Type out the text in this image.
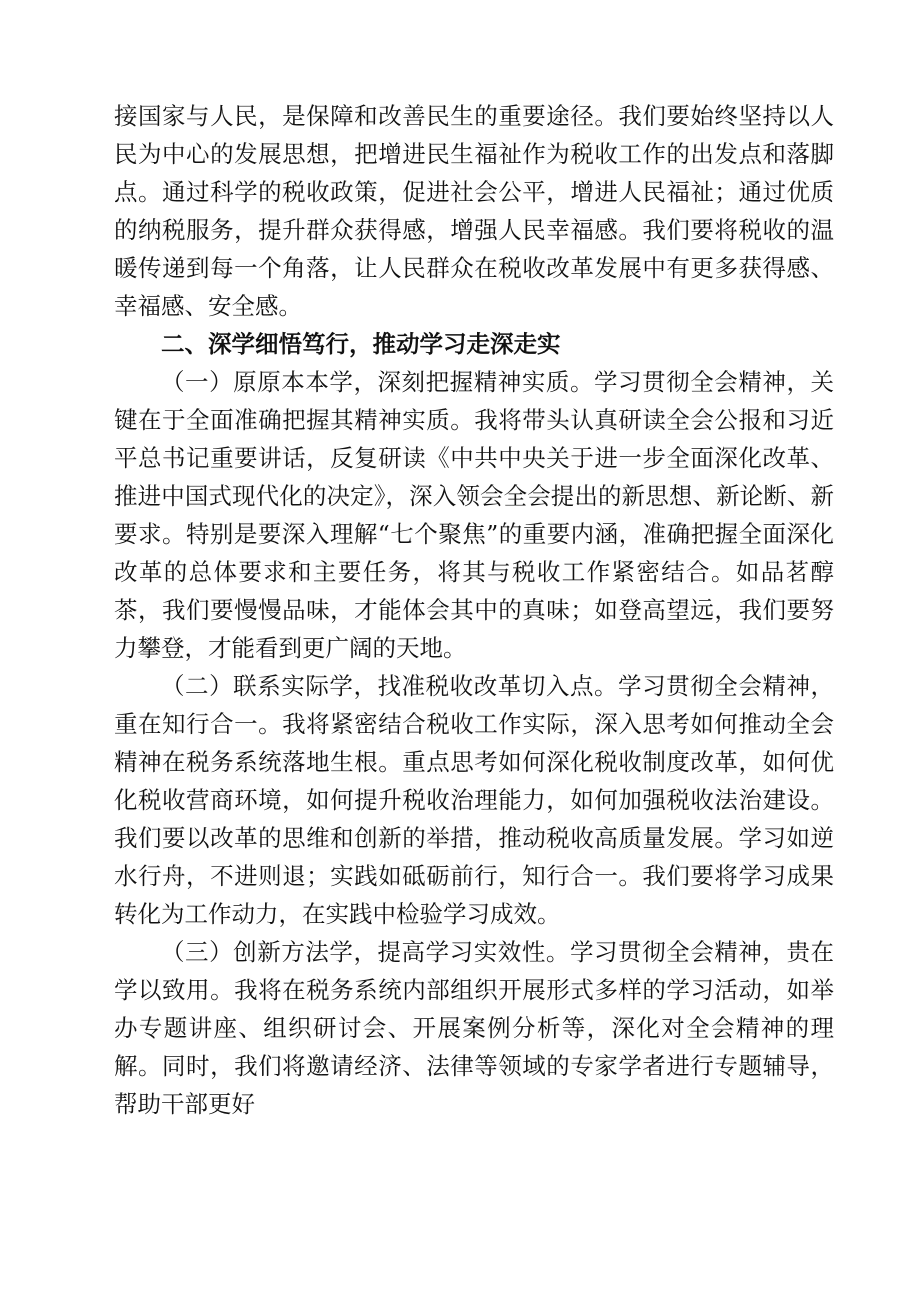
接国家与人民，是保障和改善民生的重要途径。我们要始终坚持以人民为中心的发展思想，把增进民生福祉作为税收工作的出发点和落脚点。通过科学的税收政策，促进社会公平，增进人民福祉；通过优质的纳税服务，提升群众获得感，增强人民幸福感。我们要将税收的温暖传递到每一个角落，让人民群众在税收改革发展中有更多获得感、幸福感、安全感。

二、深学细悟笃行，推动学习走深走实

（一）原原本本学，深刻把握精神实质。学习贯彻全会精神，关键在于全面准确把握其精神实质。我将带头认真研读全会公报和习近平总书记重要讲话，反复研读《中共中央关于进一步全面深化改革、推进中国式现代化的决定》，深入领会全会提出的新思想、新论断、新要求。特别是要深入理解“七个聚焦”的重要内涵，准确把握全面深化改革的总体要求和主要任务，将其与税收工作紧密结合。如品茗醇茶，我们要慢慢品味，才能体会其中的真味；如登高望远，我们要努力攀登，才能看到更广阔的天地。

（二）联系实际学，找准税收改革切入点。学习贯彻全会精神，重在知行合一。我将紧密结合税收工作实际，深入思考如何推动全会精神在税务系统落地生根。重点思考如何深化税收制度改革，如何优化税收营商环境，如何提升税收治理能力，如何加强税收法治建设。我们要以改革的思维和创新的举措，推动税收高质量发展。学习如逆水行舟，不进则退；实践如砥砺前行，知行合一。我们要将学习成果转化为工作动力，在实践中检验学习成效。

（三）创新方法学，提高学习实效性。学习贯彻全会精神，贵在学以致用。我将在税务系统内部组织开展形式多样的学习活动，如举办专题讲座、组织研讨会、开展案例分析等，深化对全会精神的理解。同时，我们将邀请经济、法律等领域的专家学者进行专题辅导，帮助干部更好
